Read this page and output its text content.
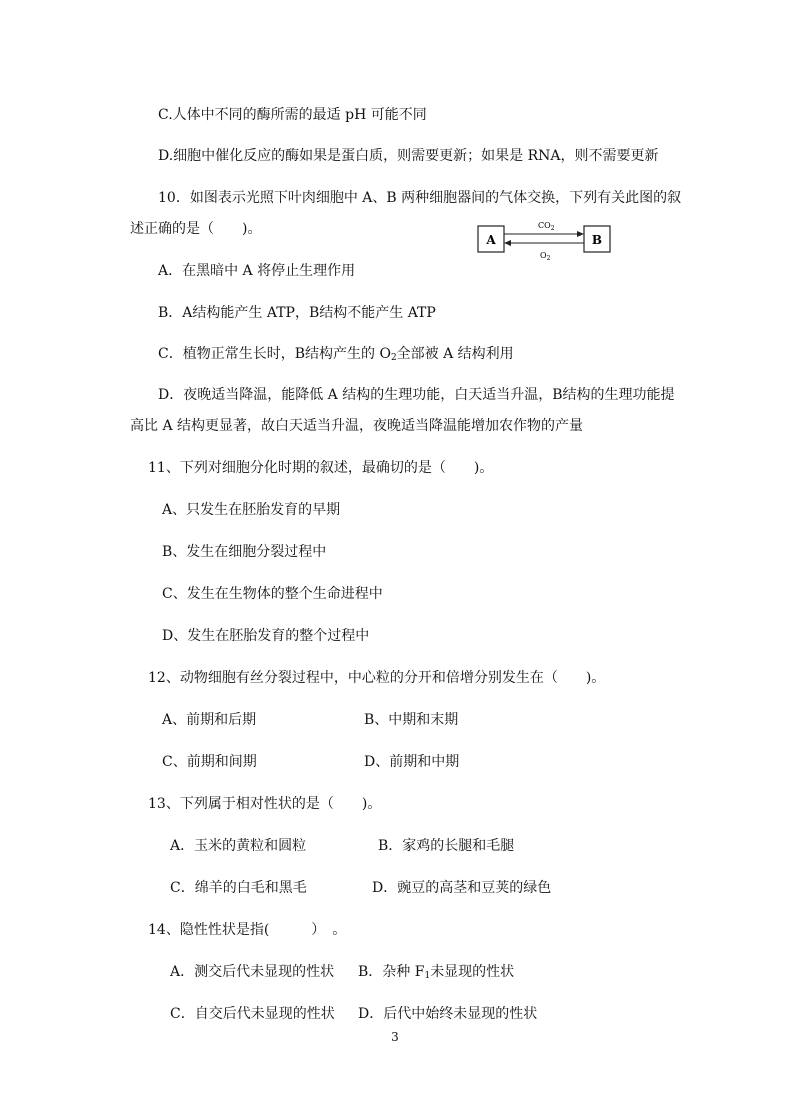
C.人体中不同的酶所需的最适 pH 可能不同
D.细胞中催化反应的酶如果是蛋白质，则需要更新；如果是 RNA，则不需要更新
10．如图表示光照下叶肉细胞中 A、B 两种细胞器间的气体交换，下列有关此图的叙
述正确的是（　　)。
A	B
$CO_2$
$O_2$
A．在黑暗中 A 将停止生理作用
B．A结构能产生 ATP，B结构不能产生 ATP
C．植物正常生长时，B结构产生的 $O_2$全部被 A 结构利用
D．夜晚适当降温，能降低 A 结构的生理功能，白天适当升温，B结构的生理功能提
高比 A 结构更显著，故白天适当升温，夜晚适当降温能增加农作物的产量
11、下列对细胞分化时期的叙述，最确切的是（　　)。
A、只发生在胚胎发育的早期
B、发生在细胞分裂过程中
C、发生在生物体的整个生命进程中
D、发生在胚胎发育的整个过程中
12、动物细胞有丝分裂过程中，中心粒的分开和倍增分别发生在（　　)。
A、前期和后期	B、中期和末期
C、前期和间期	D、前期和中期
13、下列属于相对性状的是（　　)。
A．玉米的黄粒和圆粒	B．家鸡的长腿和毛腿
C．绵羊的白毛和黑毛	D．豌豆的高茎和豆荚的绿色
14、隐性性状是指(　　　）　。
A．测交后代未显现的性状 B．杂种 $F_1$未显现的性状
C．自交后代未显现的性状 D．后代中始终未显现的性状
3
